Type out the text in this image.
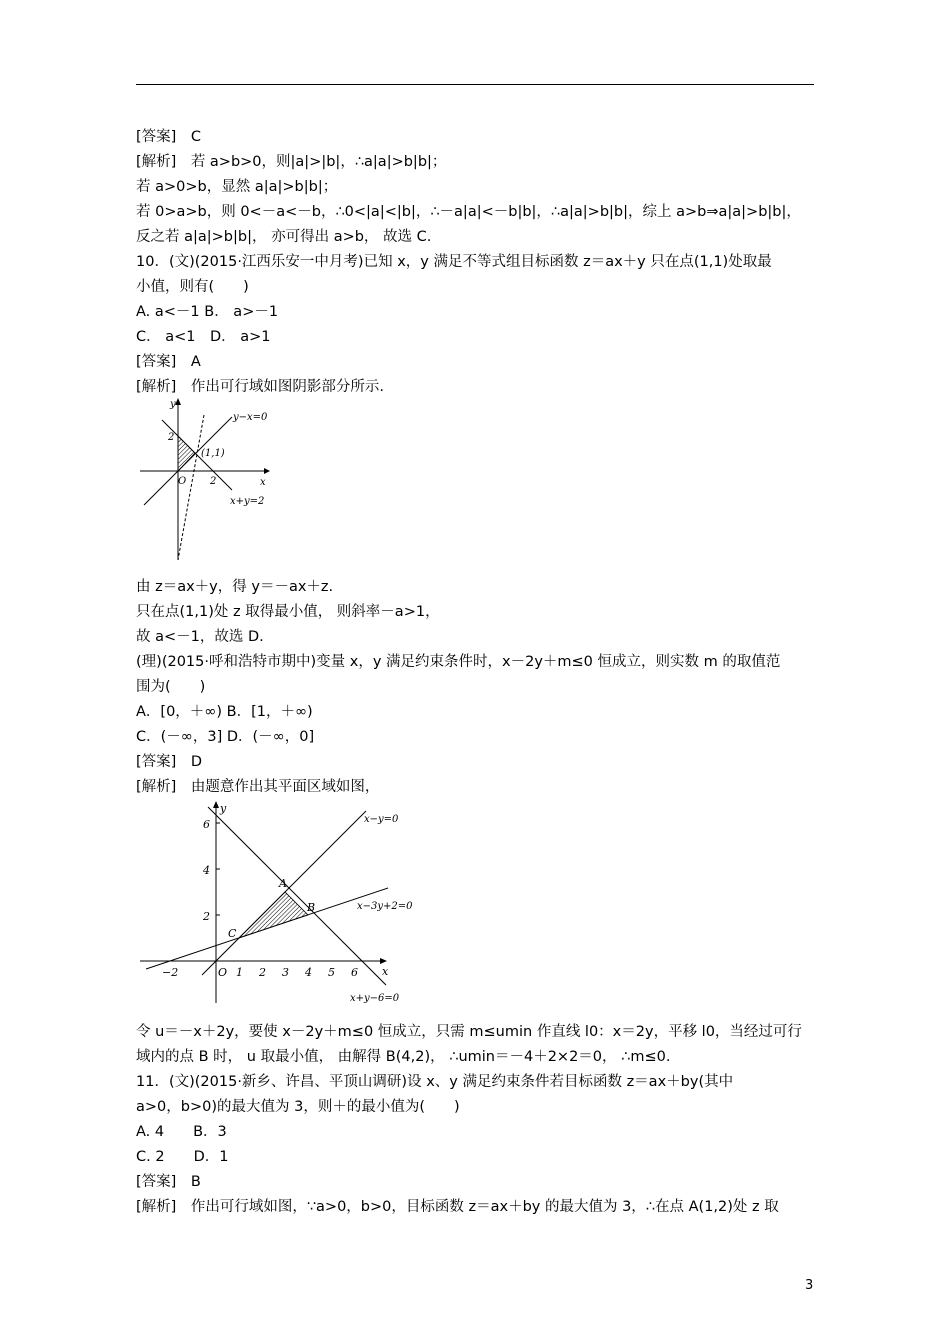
[答案]　C
[解析]　若 a>b>0，则|a|>|b|，∴a|a|>b|b|；
若 a>0>b，显然 a|a|>b|b|；
若 0>a>b，则 0<－a<－b，∴0<|a|<|b|，∴－a|a|<－b|b|，∴a|a|>b|b|，综上 a>b⇒a|a|>b|b|，
反之若 a|a|>b|b|， 亦可得出 a>b， 故选 C.
10．(文)(2015·江西乐安一中月考)已知 x，y 满足不等式组目标函数 z＝ax＋y 只在点(1,1)处取最
小值，则有(　　)
A. a<－1 B． a>－1
C． a<1　D． a>1
[答案]　A
[解析]　作出可行域如图阴影部分所示.
y
x
O
2
2
y−x=0
x+y=2
(1,1)
由 z＝ax＋y，得 y＝－ax＋z.
只在点(1,1)处 z 取得最小值， 则斜率－a>1，
故 a<－1，故选 D.
(理)(2015·呼和浩特市期中)变量 x，y 满足约束条件时，x－2y＋m≤0 恒成立，则实数 m 的取值范
围为(　　)
A．[0，＋∞) B．[1，＋∞)
C．(－∞，3] D．(－∞，0]
[答案]　D
[解析]　由题意作出其平面区域如图，
y
x
O
6
4
2
−2	1 2 3 4 5 6
x−y=0
x−3y+2=0
x+y−6=0
A
B
C
令 u＝－x＋2y，要使 x－2y＋m≤0 恒成立，只需 m≤umin 作直线 l0：x＝2y，平移 l0，当经过可行
域内的点 B 时， u 取最小值， 由解得 B(4,2)， ∴umin＝－4＋2×2＝0， ∴m≤0.
11．(文)(2015·新乡、许昌、平顶山调研)设 x、y 满足约束条件若目标函数 z＝ax＋by(其中
a>0，b>0)的最大值为 3，则＋的最小值为(　　)
A. 4　　B．3
C. 2　　D．1
[答案]　B
[解析]　作出可行域如图，∵a>0，b>0，目标函数 z＝ax＋by 的最大值为 3，∴在点 A(1,2)处 z 取
3
